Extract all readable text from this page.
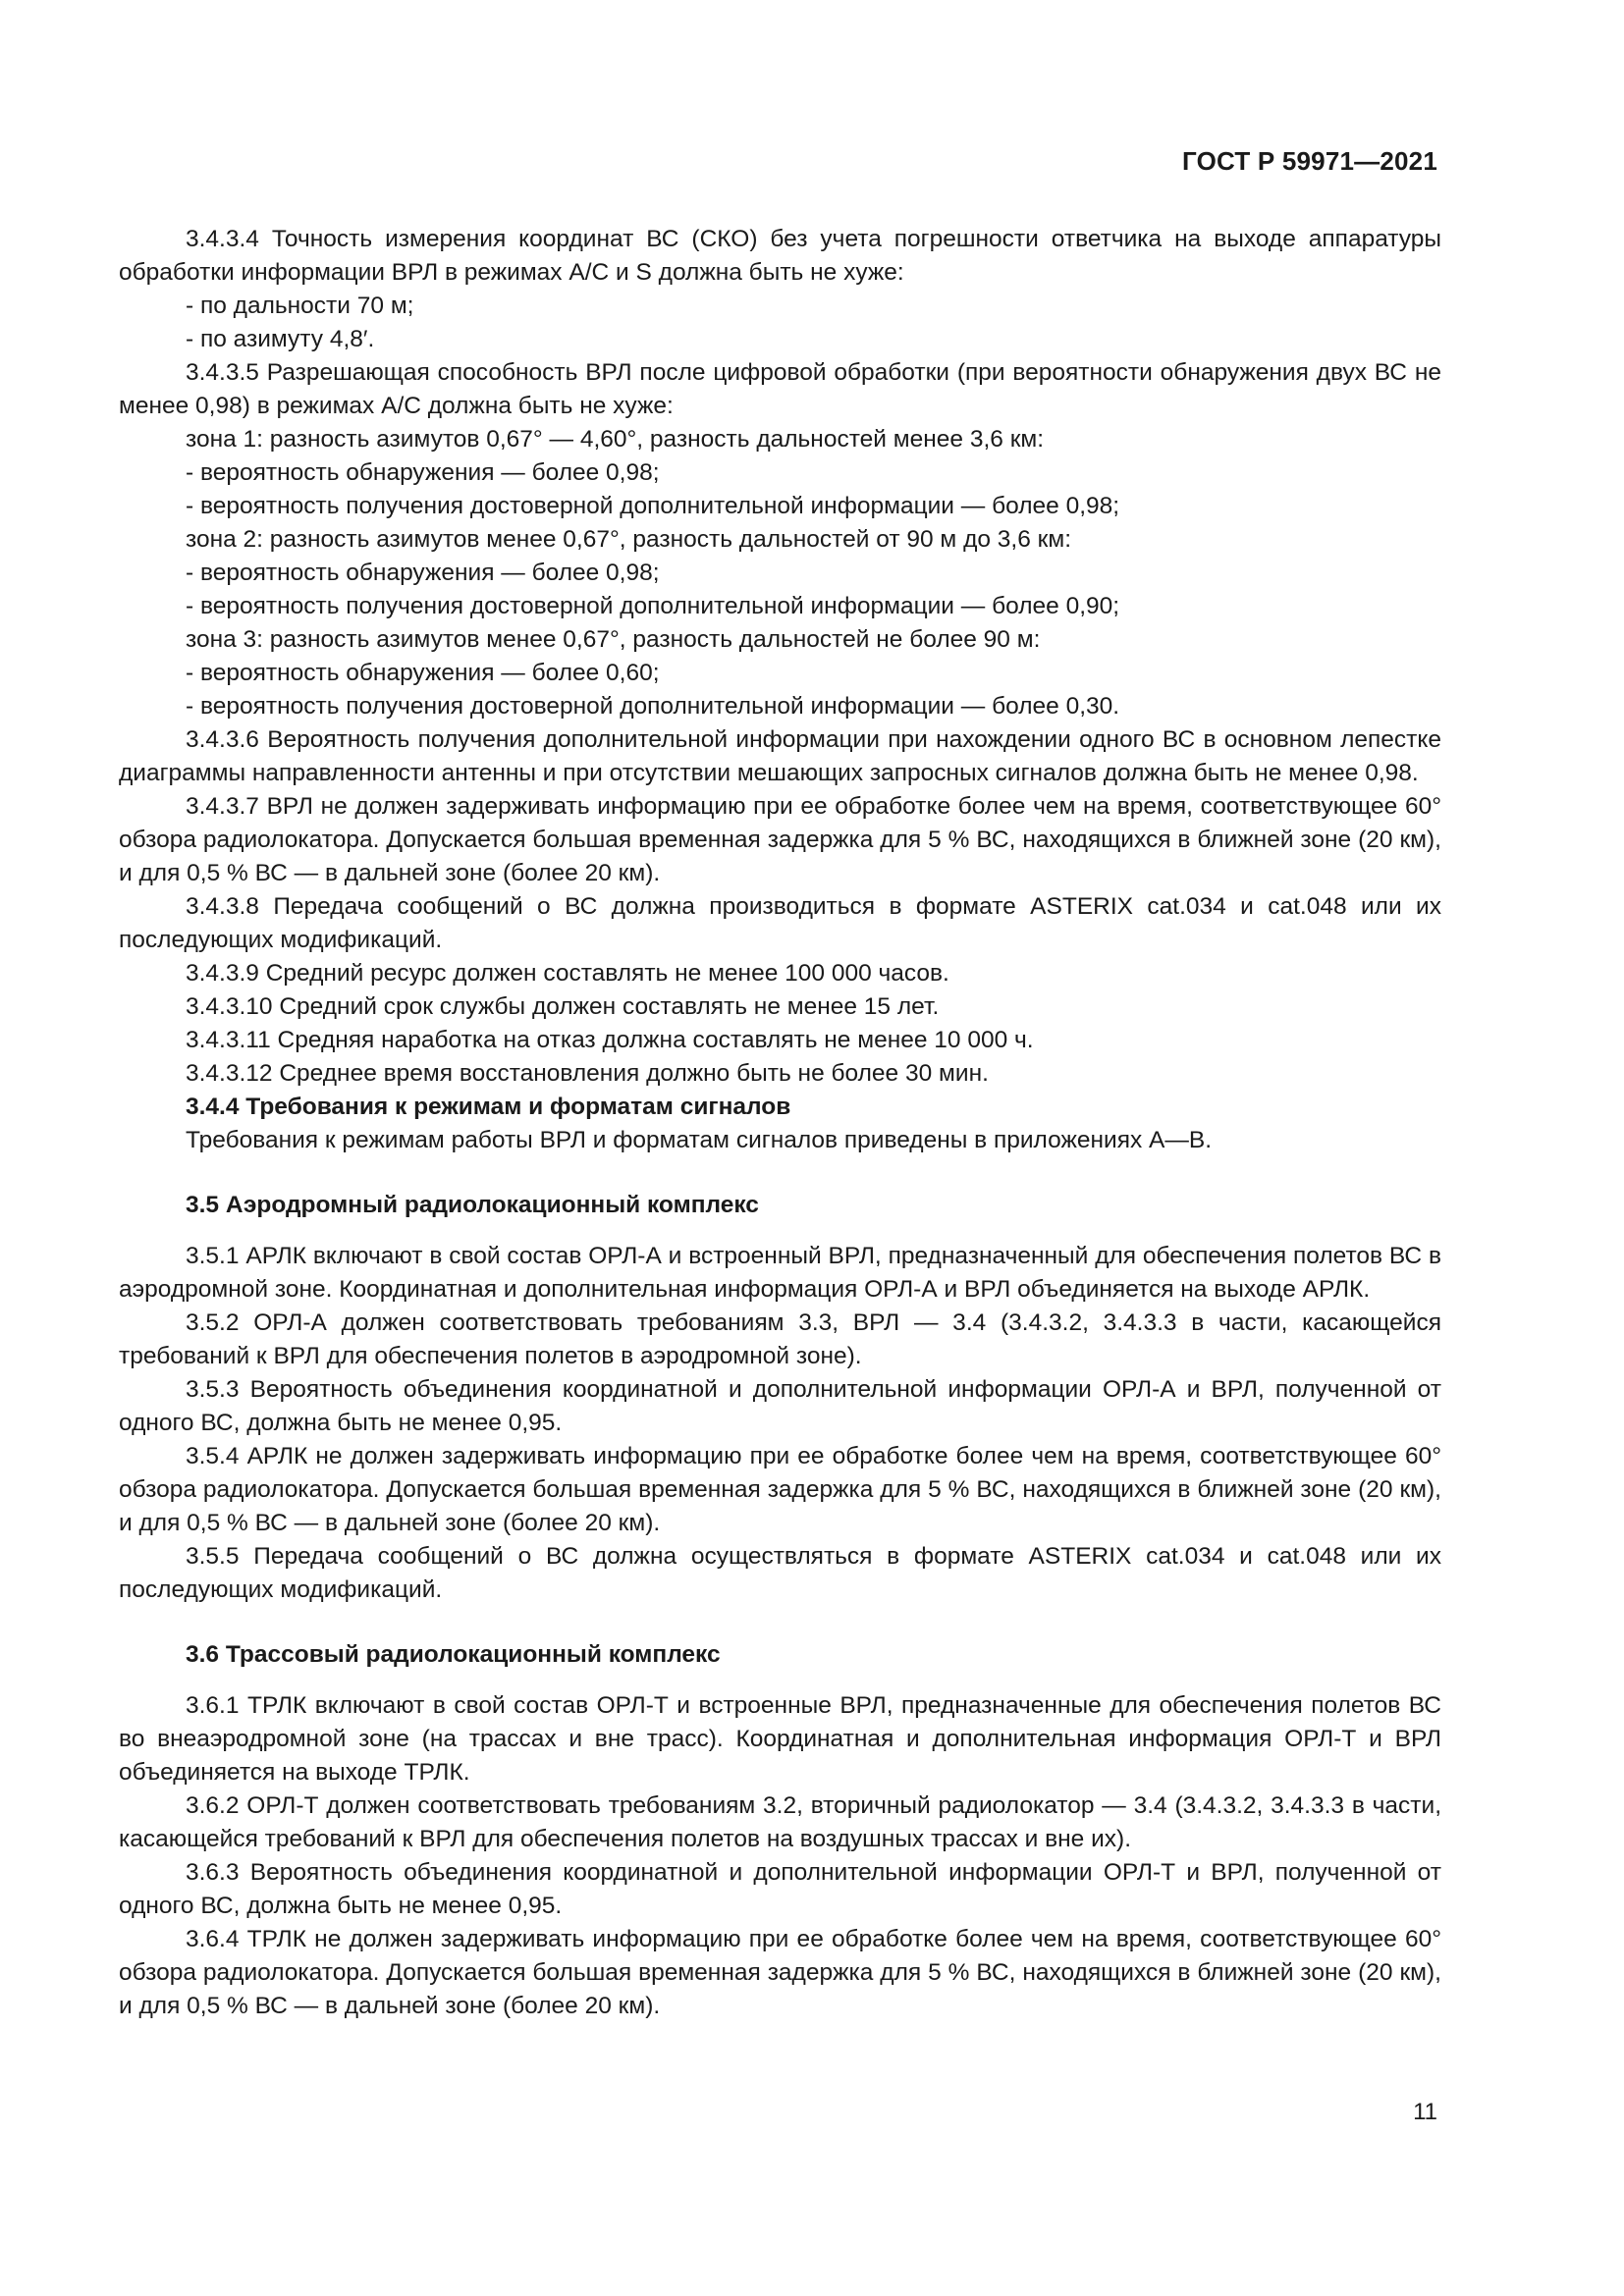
ГОСТ Р 59971—2021

3.4.3.4 Точность измерения координат ВС (СКО) без учета погрешности ответчика на выходе аппаратуры обработки информации ВРЛ в режимах А/С и S должна быть не хуже:

- по дальности 70 м;

- по азимуту 4,8′.

3.4.3.5 Разрешающая способность ВРЛ после цифровой обработки (при вероятности обнаружения двух ВС не менее 0,98) в режимах А/С должна быть не хуже:

зона 1: разность азимутов 0,67° — 4,60°, разность дальностей менее 3,6 км:

- вероятность обнаружения — более 0,98;

- вероятность получения достоверной дополнительной информации — более 0,98;

зона 2: разность азимутов менее 0,67°, разность дальностей от 90 м до 3,6 км:

- вероятность обнаружения — более 0,98;

- вероятность получения достоверной дополнительной информации — более 0,90;

зона 3: разность азимутов менее 0,67°, разность дальностей не более 90 м:

- вероятность обнаружения — более 0,60;

- вероятность получения достоверной дополнительной информации — более 0,30.

3.4.3.6 Вероятность получения дополнительной информации при нахождении одного ВС в основном лепестке диаграммы направленности антенны и при отсутствии мешающих запросных сигналов должна быть не менее 0,98.

3.4.3.7 ВРЛ не должен задерживать информацию при ее обработке более чем на время, соответствующее 60° обзора радиолокатора. Допускается большая временная задержка для 5 % ВС, находящихся в ближней зоне (20 км), и для 0,5 % ВС — в дальней зоне (более 20 км).

3.4.3.8 Передача сообщений о ВС должна производиться в формате ASTERIX cat.034 и cat.048 или их последующих модификаций.

3.4.3.9 Средний ресурс должен составлять не менее 100 000 часов.

3.4.3.10 Средний срок службы должен составлять не менее 15 лет.

3.4.3.11 Средняя наработка на отказ должна составлять не менее 10 000 ч.

3.4.3.12 Среднее время восстановления должно быть не более 30 мин.

3.4.4 Требования к режимам и форматам сигналов

Требования к режимам работы ВРЛ и форматам сигналов приведены в приложениях А—В.

3.5 Аэродромный радиолокационный комплекс

3.5.1 АРЛК включают в свой состав ОРЛ-А и встроенный ВРЛ, предназначенный для обеспечения полетов ВС в аэродромной зоне. Координатная и дополнительная информация ОРЛ-А и ВРЛ объединяется на выходе АРЛК.

3.5.2 ОРЛ-А должен соответствовать требованиям 3.3, ВРЛ — 3.4 (3.4.3.2, 3.4.3.3 в части, касающейся требований к ВРЛ для обеспечения полетов в аэродромной зоне).

3.5.3 Вероятность объединения координатной и дополнительной информации ОРЛ-А и ВРЛ, полученной от одного ВС, должна быть не менее 0,95.

3.5.4 АРЛК не должен задерживать информацию при ее обработке более чем на время, соответствующее 60° обзора радиолокатора. Допускается большая временная задержка для 5 % ВС, находящихся в ближней зоне (20 км), и для 0,5 % ВС — в дальней зоне (более 20 км).

3.5.5 Передача сообщений о ВС должна осуществляться в формате ASTERIX cat.034 и cat.048 или их последующих модификаций.

3.6 Трассовый радиолокационный комплекс

3.6.1 ТРЛК включают в свой состав ОРЛ-Т и встроенные ВРЛ, предназначенные для обеспечения полетов ВС во внеаэродромной зоне (на трассах и вне трасс). Координатная и дополнительная информация ОРЛ-Т и ВРЛ объединяется на выходе ТРЛК.

3.6.2 ОРЛ-Т должен соответствовать требованиям 3.2, вторичный радиолокатор — 3.4 (3.4.3.2, 3.4.3.3 в части, касающейся требований к ВРЛ для обеспечения полетов на воздушных трассах и вне их).

3.6.3 Вероятность объединения координатной и дополнительной информации ОРЛ-Т и ВРЛ, полученной от одного ВС, должна быть не менее 0,95.

3.6.4 ТРЛК не должен задерживать информацию при ее обработке более чем на время, соответствующее 60° обзора радиолокатора. Допускается большая временная задержка для 5 % ВС, находящихся в ближней зоне (20 км), и для 0,5 % ВС — в дальней зоне (более 20 км).

11
